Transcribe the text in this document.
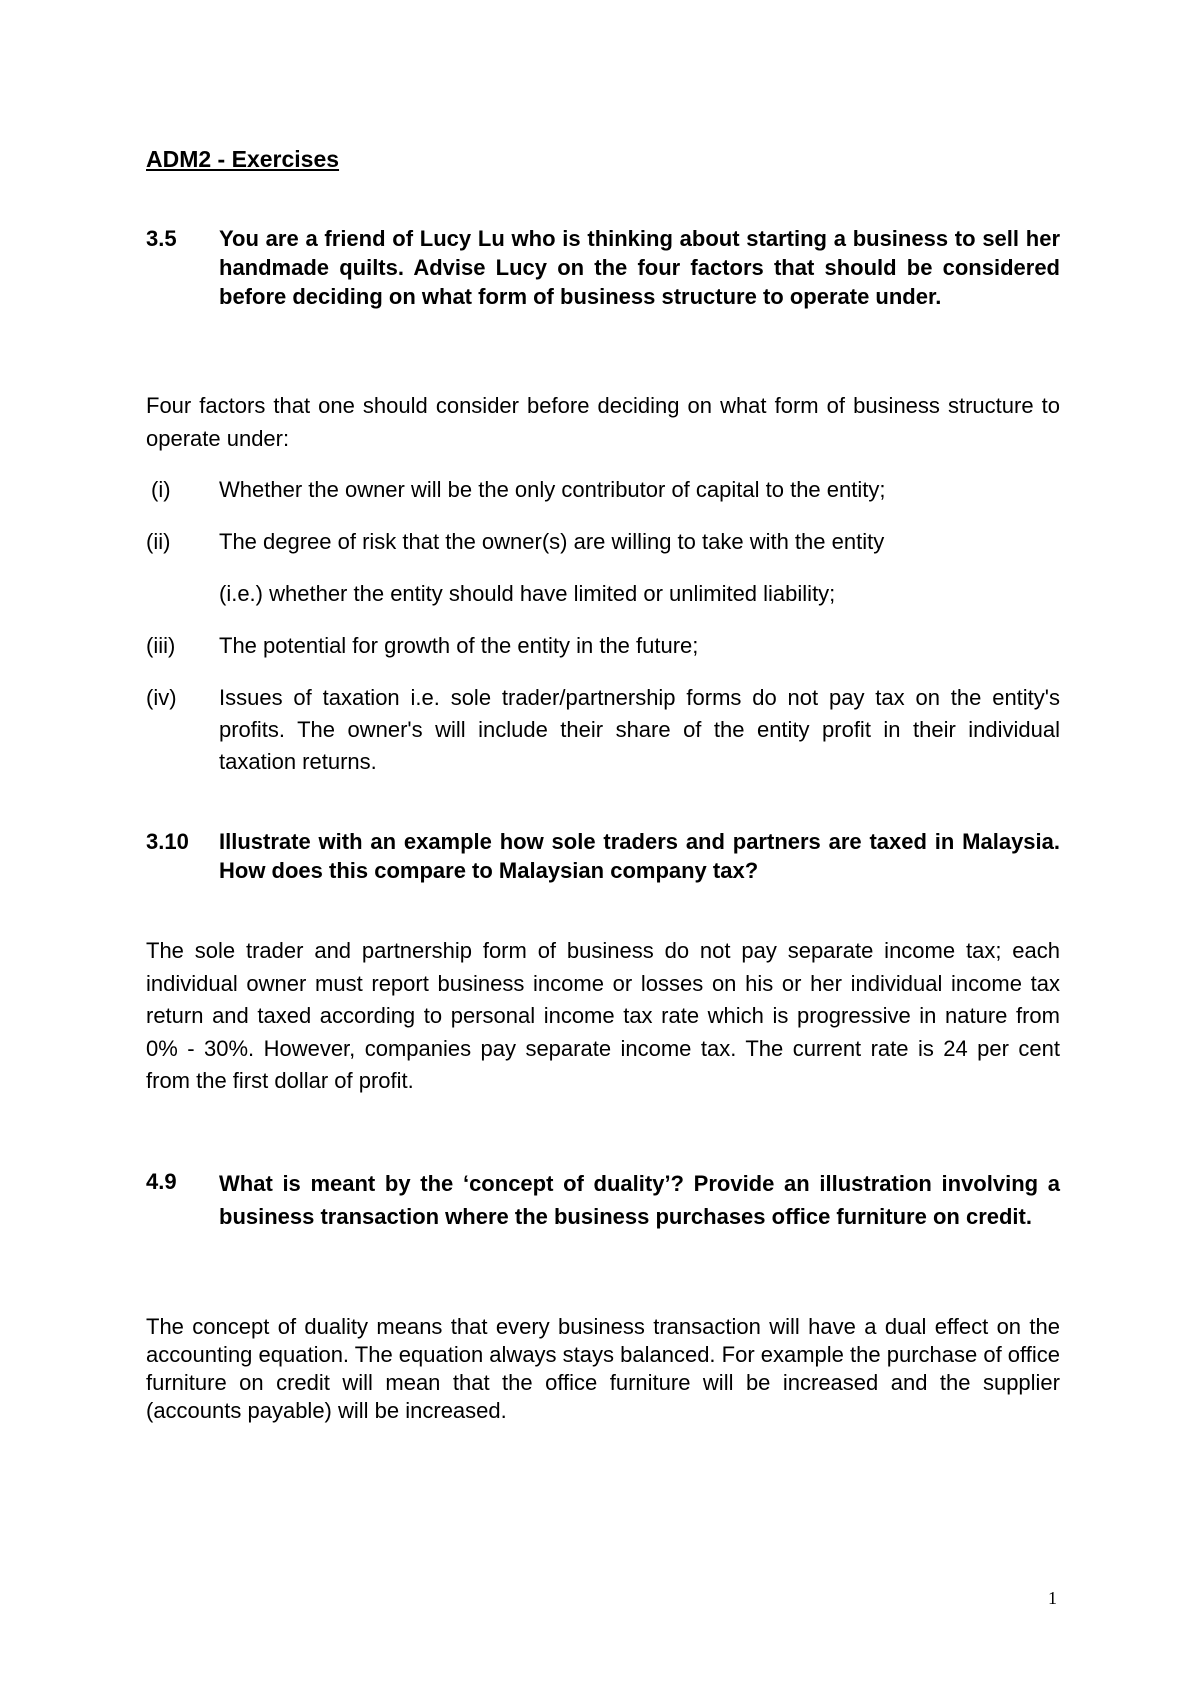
ADM2 - Exercises
3.5	You are a friend of Lucy Lu who is thinking about starting a business to sell her handmade quilts. Advise Lucy on the four factors that should be considered before deciding on what form of business structure to operate under.

Four factors that one should consider before deciding on what form of business structure to operate under:

(i)	Whether the owner will be the only contributor of capital to the entity;
(ii)	The degree of risk that the owner(s) are willing to take with the entity
(i.e.) whether the entity should have limited or unlimited liability;
(iii)	The potential for growth of the entity in the future;
(iv)	Issues of taxation i.e. sole trader/partnership forms do not pay tax on the entity's profits. The owner's will include their share of the entity profit in their individual taxation returns.
3.10	Illustrate with an example how sole traders and partners are taxed in Malaysia. How does this compare to Malaysian company tax?

The sole trader and partnership form of business do not pay separate income tax; each individual owner must report business income or losses on his or her individual income tax return and taxed according to personal income tax rate which is progressive in nature from 0% - 30%. However, companies pay separate income tax. The current rate is 24 per cent from the first dollar of profit.

4.9	What is meant by the ‘concept of duality’? Provide an illustration involving a business transaction where the business purchases office furniture on credit.

The concept of duality means that every business transaction will have a dual effect on the accounting equation. The equation always stays balanced. For example the purchase of office furniture on credit will mean that the office furniture will be increased and the supplier (accounts payable) will be increased.

1
